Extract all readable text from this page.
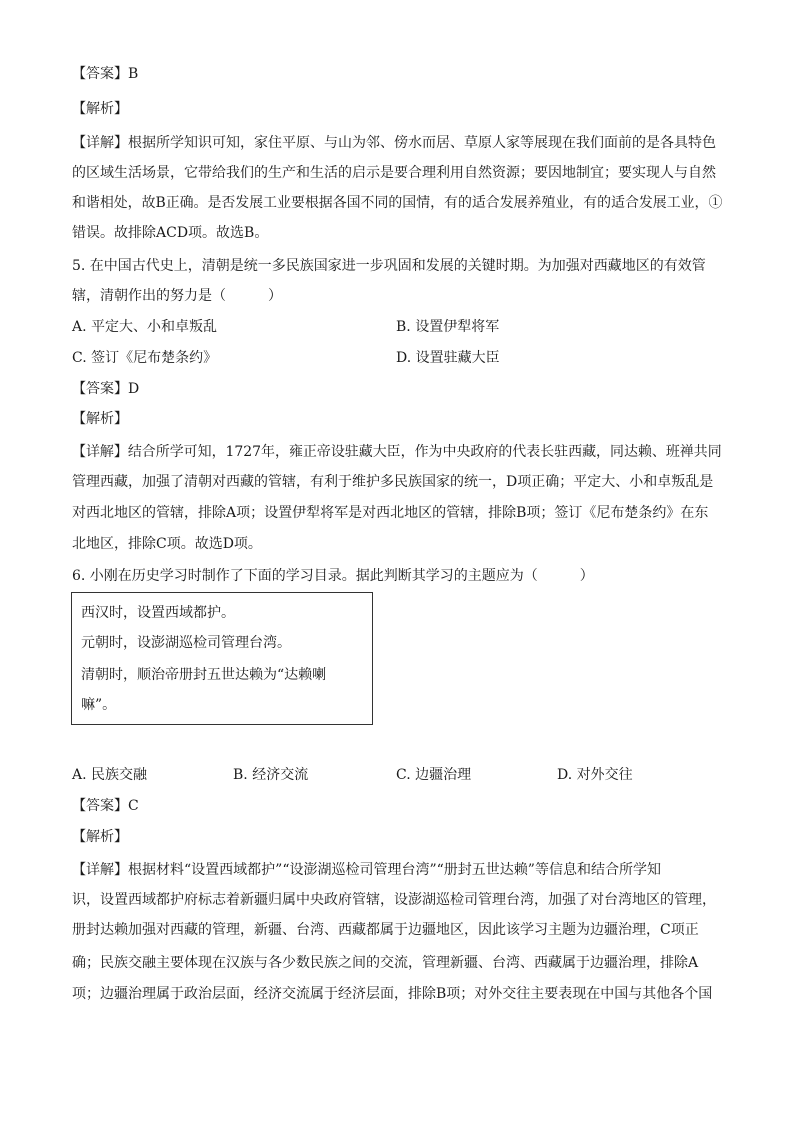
【答案】B
【解析】
【详解】根据所学知识可知，家住平原、与山为邻、傍水而居、草原人家等展现在我们面前的是各具特色
的区域生活场景，它带给我们的生产和生活的启示是要合理利用自然资源；要因地制宜；要实现人与自然
和谐相处，故B正确。是否发展工业要根据各国不同的国情，有的适合发展养殖业，有的适合发展工业，①
错误。故排除ACD项。故选B。
5. 在中国古代史上，清朝是统一多民族国家进一步巩固和发展的关键时期。为加强对西藏地区的有效管
辖，清朝作出的努力是（　　　）
A. 平定大、小和卓叛乱	B. 设置伊犁将军
C. 签订《尼布楚条约》	D. 设置驻藏大臣
【答案】D
【解析】
【详解】结合所学可知，1727年，雍正帝设驻藏大臣，作为中央政府的代表长驻西藏，同达赖、班禅共同
管理西藏，加强了清朝对西藏的管辖，有利于维护多民族国家的统一，D项正确；平定大、小和卓叛乱是
对西北地区的管辖，排除A项；设置伊犁将军是对西北地区的管辖，排除B项；签订《尼布楚条约》在东
北地区，排除C项。故选D项。
6. 小刚在历史学习时制作了下面的学习目录。据此判断其学习的主题应为（　　　）
西汉时，设置西域都护。
元朝时，设澎湖巡检司管理台湾。
清朝时，顺治帝册封五世达赖为“达赖喇
嘛”。
A. 民族交融	B. 经济交流	C. 边疆治理	D. 对外交往
【答案】C
【解析】
【详解】根据材料“设置西域都护”“设澎湖巡检司管理台湾”“册封五世达赖”等信息和结合所学知
识，设置西域都护府标志着新疆归属中央政府管辖，设澎湖巡检司管理台湾，加强了对台湾地区的管理，
册封达赖加强对西藏的管理，新疆、台湾、西藏都属于边疆地区，因此该学习主题为边疆治理，C项正
确；民族交融主要体现在汉族与各少数民族之间的交流，管理新疆、台湾、西藏属于边疆治理，排除A
项；边疆治理属于政治层面，经济交流属于经济层面，排除B项；对外交往主要表现在中国与其他各个国
